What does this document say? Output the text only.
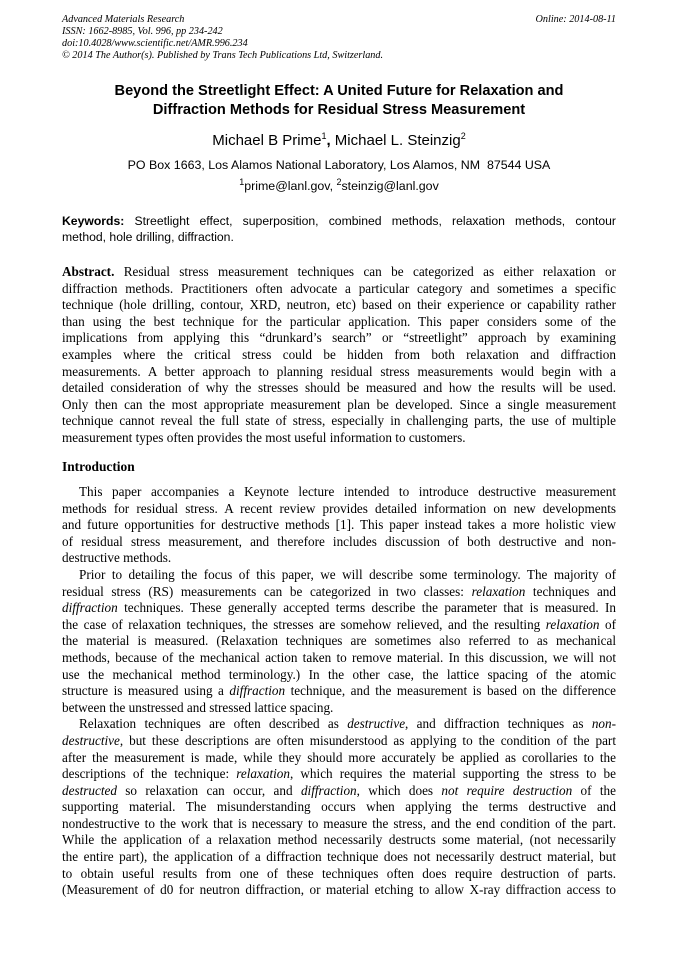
Advanced Materials Research	Online: 2014-08-11
ISSN: 1662-8985, Vol. 996, pp 234-242
doi:10.4028/www.scientific.net/AMR.996.234
© 2014 The Author(s). Published by Trans Tech Publications Ltd, Switzerland.
Beyond the Streetlight Effect: A United Future for Relaxation and
Diffraction Methods for Residual Stress Measurement
Michael B Prime$^1$, Michael L. Steinzig$^2$
PO Box 1663, Los Alamos National Laboratory, Los Alamos, NM  87544 USA
$^1$prime@lanl.gov, $^2$steinzig@lanl.gov

Keywords: Streetlight effect, superposition, combined methods, relaxation methods, contour

method, hole drilling, diffraction.

Abstract. Residual stress measurement techniques can be categorized as either relaxation or

diffraction methods. Practitioners often advocate a particular category and sometimes a specific

technique (hole drilling, contour, XRD, neutron, etc) based on their experience or capability rather

than using the best technique for the particular application. This paper considers some of the

implications from applying this “drunkard’s search” or “streetlight” approach by examining

examples where the critical stress could be hidden from both relaxation and diffraction

measurements. A better approach to planning residual stress measurements would begin with a

detailed consideration of why the stresses should be measured and how the results will be used.

Only then can the most appropriate measurement plan be developed. Since a single measurement

technique cannot reveal the full state of stress, especially in challenging parts, the use of multiple

measurement types often provides the most useful information to customers.

Introduction

This paper accompanies a Keynote lecture intended to introduce destructive measurement

methods for residual stress. A recent review provides detailed information on new developments

and future opportunities for destructive methods [1]. This paper instead takes a more holistic view

of residual stress measurement, and therefore includes discussion of both destructive and non-

destructive methods.

Prior to detailing the focus of this paper, we will describe some terminology. The majority of

residual stress (RS) measurements can be categorized in two classes: relaxation techniques and

diffraction techniques. These generally accepted terms describe the parameter that is measured. In

the case of relaxation techniques, the stresses are somehow relieved, and the resulting relaxation of

the material is measured. (Relaxation techniques are sometimes also referred to as mechanical

methods, because of the mechanical action taken to remove material. In this discussion, we will not

use the mechanical method terminology.) In the other case, the lattice spacing of the atomic

structure is measured using a diffraction technique, and the measurement is based on the difference

between the unstressed and stressed lattice spacing.

Relaxation techniques are often described as destructive, and diffraction techniques as non-

destructive, but these descriptions are often misunderstood as applying to the condition of the part

after the measurement is made, while they should more accurately be applied as corollaries to the

descriptions of the technique: relaxation, which requires the material supporting the stress to be

destructed so relaxation can occur, and diffraction, which does not require destruction of the

supporting material. The misunderstanding occurs when applying the terms destructive and

nondestructive to the work that is necessary to measure the stress, and the end condition of the part.

While the application of a relaxation method necessarily destructs some material, (not necessarily

the entire part), the application of a diffraction technique does not necessarily destruct material, but

to obtain useful results from one of these techniques often does require destruction of parts.

(Measurement of d0 for neutron diffraction, or material etching to allow X-ray diffraction access to
